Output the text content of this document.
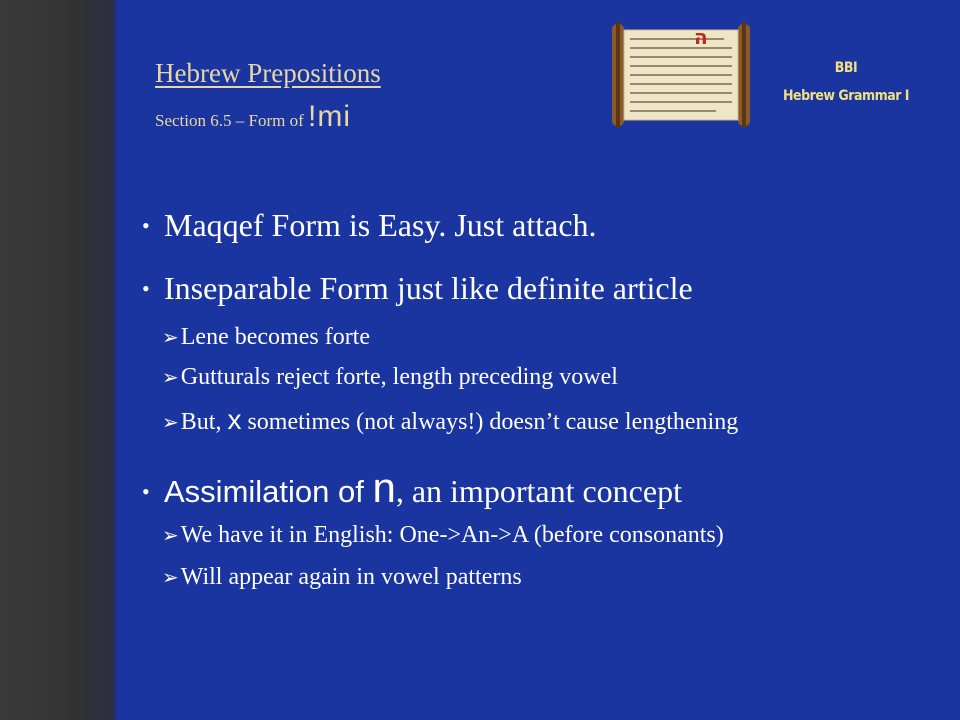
Hebrew Prepositions
Section 6.5 – Form of !mi
ה
BBI
Hebrew Grammar I
• Maqqef Form is Easy. Just attach.
• Inseparable Form just like definite article
➢Lene becomes forte
➢Gutturals reject forte, length preceding vowel
➢But, x sometimes (not always!) doesn’t cause lengthening
• Assimilation of n, an important concept
➢We have it in English: One->An->A (before consonants)
➢Will appear again in vowel patterns
